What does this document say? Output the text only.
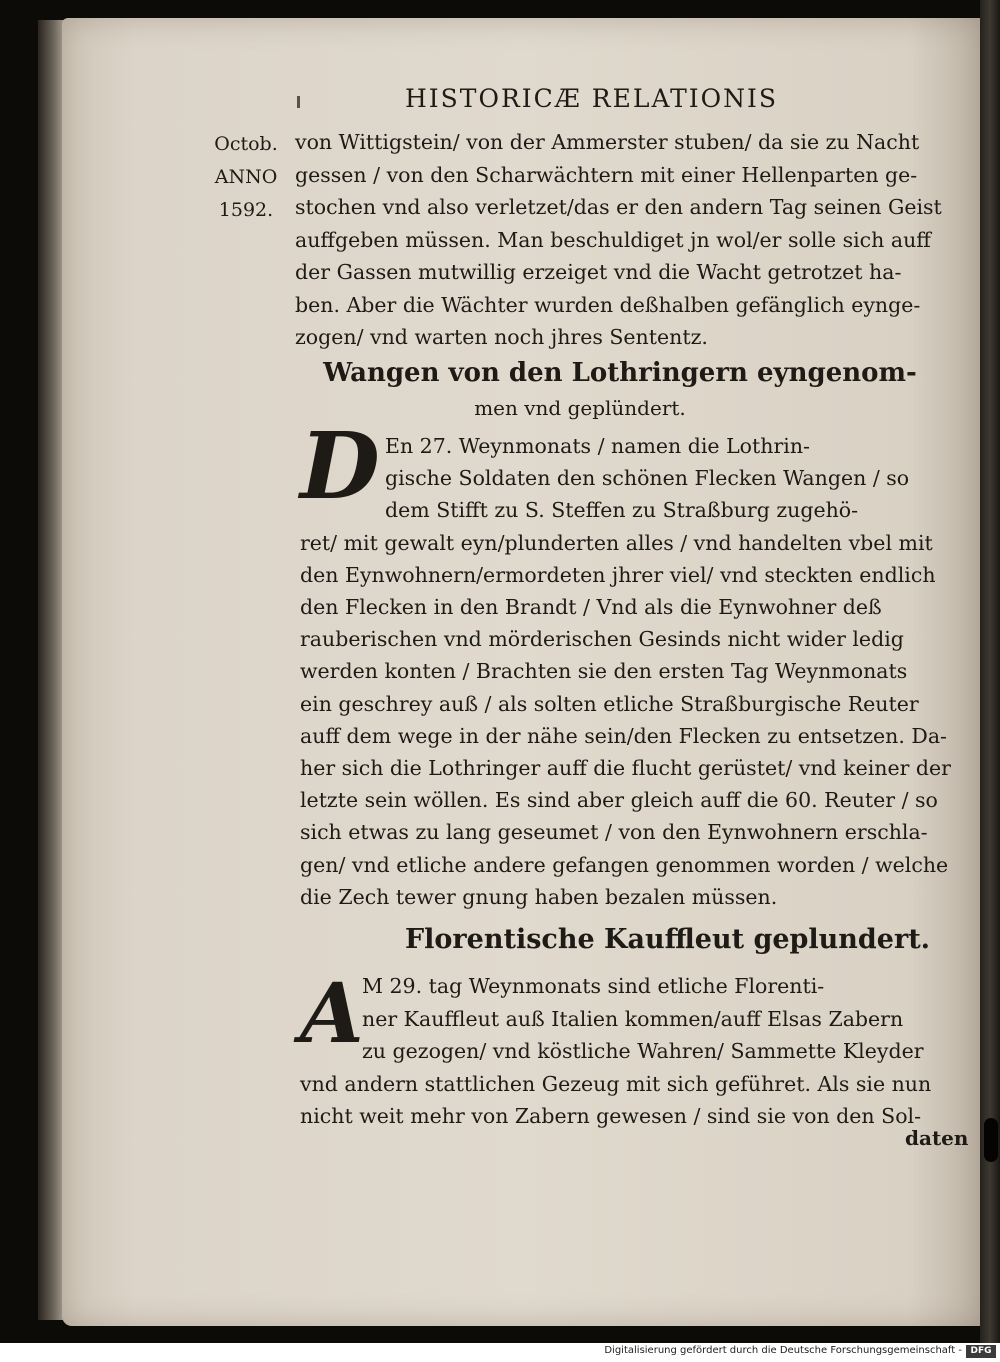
HISTORICÆ RELATIONIS
Octob.
ANNO
1592.
von Wittigstein/ von der Ammerster stuben/ da sie zu Nacht
gessen / von den Scharwächtern mit einer Hellenparten ge-
stochen vnd also verletzet/das er den andern Tag seinen Geist
auffgeben müssen. Man beschuldiget jn wol/er solle sich auff
der Gassen mutwillig erzeiget vnd die Wacht getrotzet ha-
ben. Aber die Wächter wurden deßhalben gefänglich eynge-
zogen/ vnd warten noch jhres Sententz.
Wangen von den Lothringern eyngenom-
men vnd geplündert.
D En 27. Weynmonats / namen die Lothrin-
gische Soldaten den schönen Flecken Wangen / so
dem Stifft zu S. Steffen zu Straßburg zugehö-
ret/ mit gewalt eyn/plunderten alles / vnd handelten vbel mit
den Eynwohnern/ermordeten jhrer viel/ vnd steckten endlich
den Flecken in den Brandt / Vnd als die Eynwohner deß
rauberischen vnd mörderischen Gesinds nicht wider ledig
werden konten / Brachten sie den ersten Tag Weynmonats
ein geschrey auß / als solten etliche Straßburgische Reuter
auff dem wege in der nähe sein/den Flecken zu entsetzen. Da-
her sich die Lothringer auff die flucht gerüstet/ vnd keiner der
letzte sein wöllen. Es sind aber gleich auff die 60. Reuter / so
sich etwas zu lang geseumet / von den Eynwohnern erschla-
gen/ vnd etliche andere gefangen genommen worden / welche
die Zech tewer gnung haben bezalen müssen.
Florentische Kauffleut geplundert.
A
M 29. tag Weynmonats sind etliche Florenti-
ner Kauffleut auß Italien kommen/auff Elsas Zabern
zu gezogen/ vnd köstliche Wahren/ Sammette Kleyder
vnd andern stattlichen Gezeug mit sich geführet. Als sie nun
nicht weit mehr von Zabern gewesen / sind sie von den Sol-
daten
Digitalisierung gefördert durch die Deutsche Forschungsgemeinschaft - DFG
